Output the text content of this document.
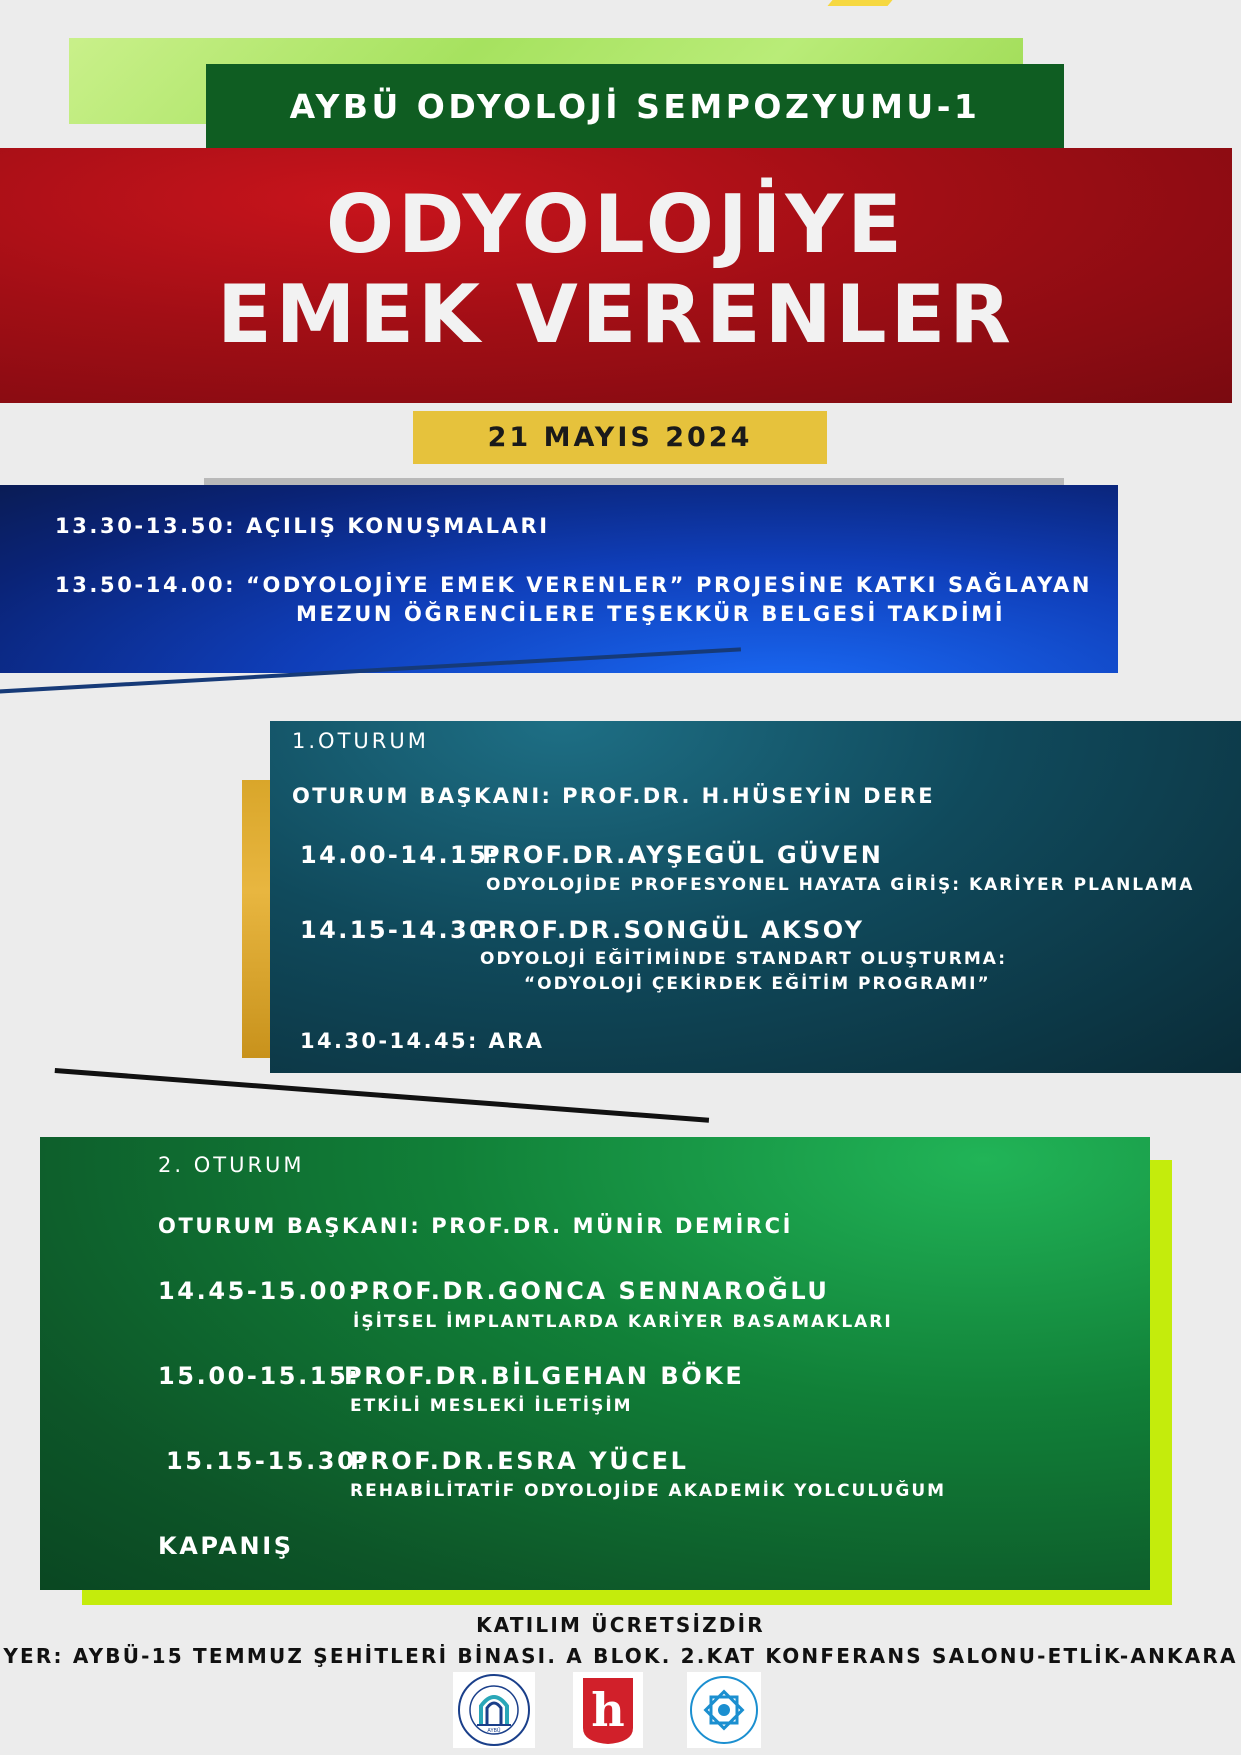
AYBÜ ODYOLOJİ SEMPOZYUMU-1
ODYOLOJİYE
EMEK VERENLER
21 MAYIS 2024
13.30-13.50: AÇILIŞ KONUŞMALARI
13.50-14.00: “ODYOLOJİYE EMEK VERENLER” PROJESİNE KATKI SAĞLAYAN
MEZUN ÖĞRENCİLERE TEŞEKKÜR BELGESİ TAKDİMİ
1.OTURUM
OTURUM BAŞKANI: PROF.DR. H.HÜSEYİN DERE
14.00-14.15:
PROF.DR.AYŞEGÜL GÜVEN
ODYOLOJİDE PROFESYONEL HAYATA GİRİŞ: KARİYER PLANLAMA
14.15-14.30:
PROF.DR.SONGÜL AKSOY
ODYOLOJİ EĞİTİMİNDE STANDART OLUŞTURMA:
“ODYOLOJİ ÇEKİRDEK EĞİTİM PROGRAMI”
14.30-14.45: ARA
2. OTURUM
OTURUM BAŞKANI: PROF.DR. MÜNİR DEMİRCİ
14.45-15.00:
PROF.DR.GONCA SENNAROĞLU
İŞİTSEL İMPLANTLARDA KARİYER BASAMAKLARI
15.00-15.15:
PROF.DR.BİLGEHAN BÖKE
ETKİLİ MESLEKİ İLETİŞİM
15.15-15.30:
PROF.DR.ESRA YÜCEL
REHABİLİTATİF ODYOLOJİDE AKADEMİK YOLCULUĞUM
KAPANIŞ
KATILIM ÜCRETSİZDİR
YER: AYBÜ-15 TEMMUZ ŞEHİTLERİ BİNASI. A BLOK. 2.KAT KONFERANS SALONU-ETLİK-ANKARA
AYBÜ h
